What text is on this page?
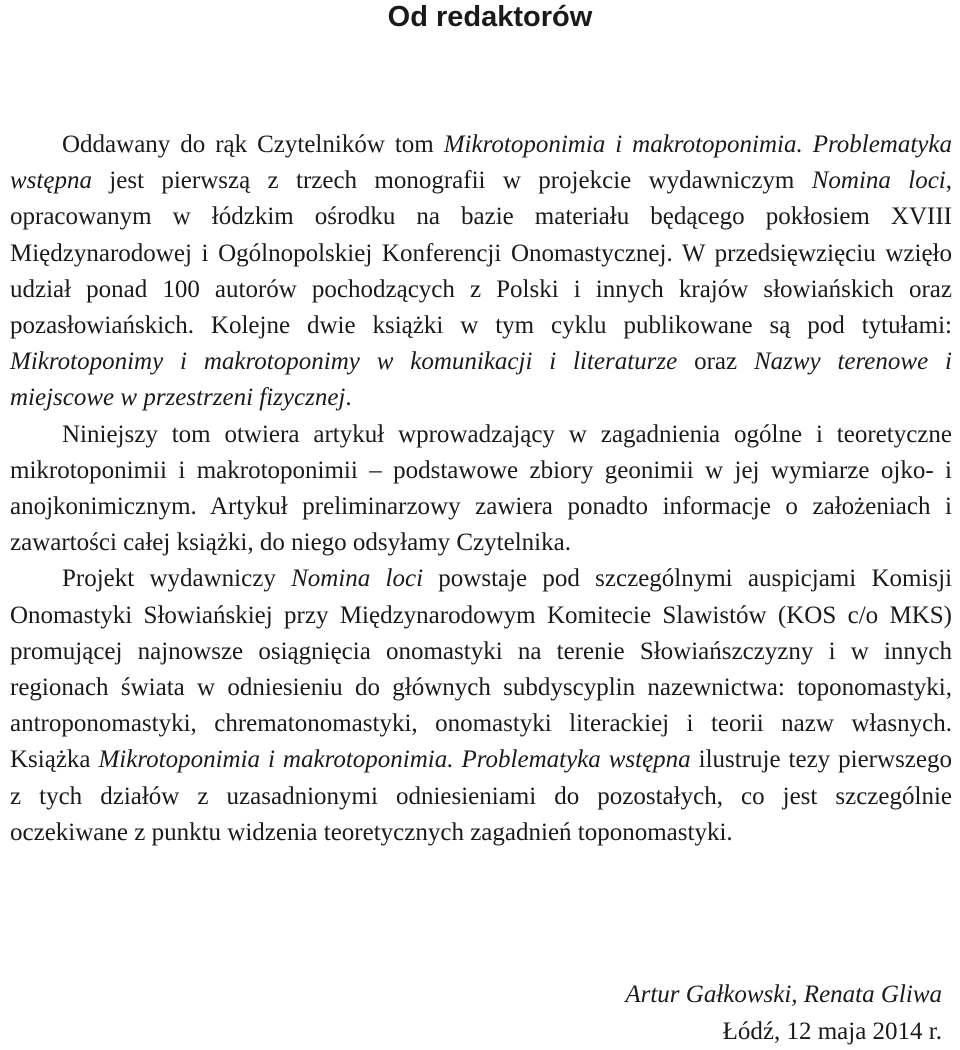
Od redaktorów

Oddawany do rąk Czytelników tom Mikrotoponimia i makrotoponimia. Problematyka wstępna jest pierwszą z trzech monografii w projekcie wydawniczym Nomina loci, opracowanym w łódzkim ośrodku na bazie materiału będącego pokłosiem XVIII Międzynarodowej i Ogólnopolskiej Konferencji Onomastycznej. W przedsięwzięciu wzięło udział ponad 100 autorów pochodzących z Polski i innych krajów słowiańskich oraz pozasłowiańskich. Kolejne dwie książki w tym cyklu publikowane są pod tytułami: Mikrotoponimy i makrotoponimy w komunikacji i literaturze oraz Nazwy terenowe i miejscowe w przestrzeni fizycznej.

Niniejszy tom otwiera artykuł wprowadzający w zagadnienia ogólne i teoretyczne mikrotoponimii i makrotoponimii – podstawowe zbiory geonimii w jej wymiarze ojko- i anojkonimicznym. Artykuł preliminarzowy zawiera ponadto informacje o założeniach i zawartości całej książki, do niego odsyłamy Czytelnika.

Projekt wydawniczy Nomina loci powstaje pod szczególnymi auspicjami Komisji Onomastyki Słowiańskiej przy Międzynarodowym Komitecie Slawistów (KOS c/o MKS) promującej najnowsze osiągnięcia onomastyki na terenie Słowiańszczyzny i w innych regionach świata w odniesieniu do głównych subdyscyplin nazewnictwa: toponomastyki, antroponomastyki, chrematonomastyki, onomastyki literackiej i teorii nazw własnych. Książka Mikrotoponimia i makrotoponimia. Problematyka wstępna ilustruje tezy pierwszego z tych działów z uzasadnionymi odniesieniami do pozostałych, co jest szczególnie oczekiwane z punktu widzenia teoretycznych zagadnień toponomastyki.

Artur Gałkowski, Renata Gliwa
Łódź, 12 maja 2014 r.
